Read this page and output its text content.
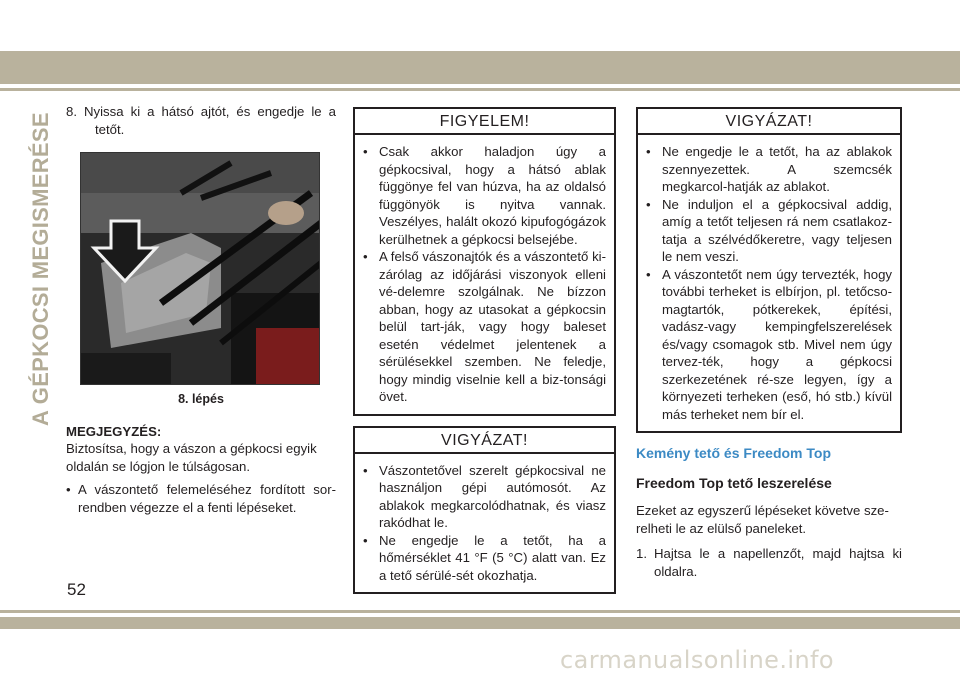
A GÉPKOCSI MEGISMERÉSE
8. Nyissa ki a hátsó ajtót, és engedje le a
tetőt.
8. lépés
MEGJEGYZÉS:
Biztosítsa, hogy a vászon a gépkocsi egyik oldalán se lógjon le túlságosan.
• A vászontető felemeléséhez fordított sor-rendben végezze el a fenti lépéseket.
FIGYELEM!
• Csak akkor haladjon úgy a gépkocsival, hogy a hátsó ablak függönye fel van húzva, ha az oldalsó függönyök is nyitva vannak. Veszélyes, halált okozó kipufogógázok kerülhetnek a gépkocsi belsejébe.
• A felső vászonajtók és a vászontető ki-zárólag az időjárási viszonyok elleni vé-delemre szolgálnak. Ne bízzon abban, hogy az utasokat a gépkocsin belül tart-ják, vagy hogy baleset esetén védelmet jelentenek a sérülésekkel szemben. Ne feledje, hogy mindig viselnie kell a biz-tonsági övet.
VIGYÁZAT!
• Vászontetővel szerelt gépkocsival ne használjon gépi autómosót. Az ablakok megkarcolódhatnak, és viasz rakódhat le.
• Ne engedje le a tetőt, ha a hőmérséklet 41 °F (5 °C) alatt van. Ez a tető sérülé-sét okozhatja.
VIGYÁZAT!
• Ne engedje le a tetőt, ha az ablakok szennyezettek. A szemcsék megkarcol-hatják az ablakot.
• Ne induljon el a gépkocsival addig, amíg a tetőt teljesen rá nem csatlakoz-tatja a szélvédőkeretre, vagy teljesen le nem veszi.
• A vászontetőt nem úgy tervezték, hogy további terheket is elbírjon, pl. tetőcso-magtartók, pótkerekek, építési, vadász-vagy kempingfelszerelések és/vagy csomagok stb. Mivel nem úgy tervez-ték, hogy a gépkocsi szerkezetének ré-sze legyen, így a környezeti terheken (eső, hó stb.) kívül más terheket nem bír el.
Kemény tető és Freedom Top
Freedom Top tető leszerelése
Ezeket az egyszerű lépéseket követve sze-relheti le az elülső paneleket.
1. Hajtsa le a napellenzőt, majd hajtsa ki oldalra.
52
carmanualsonline.info
